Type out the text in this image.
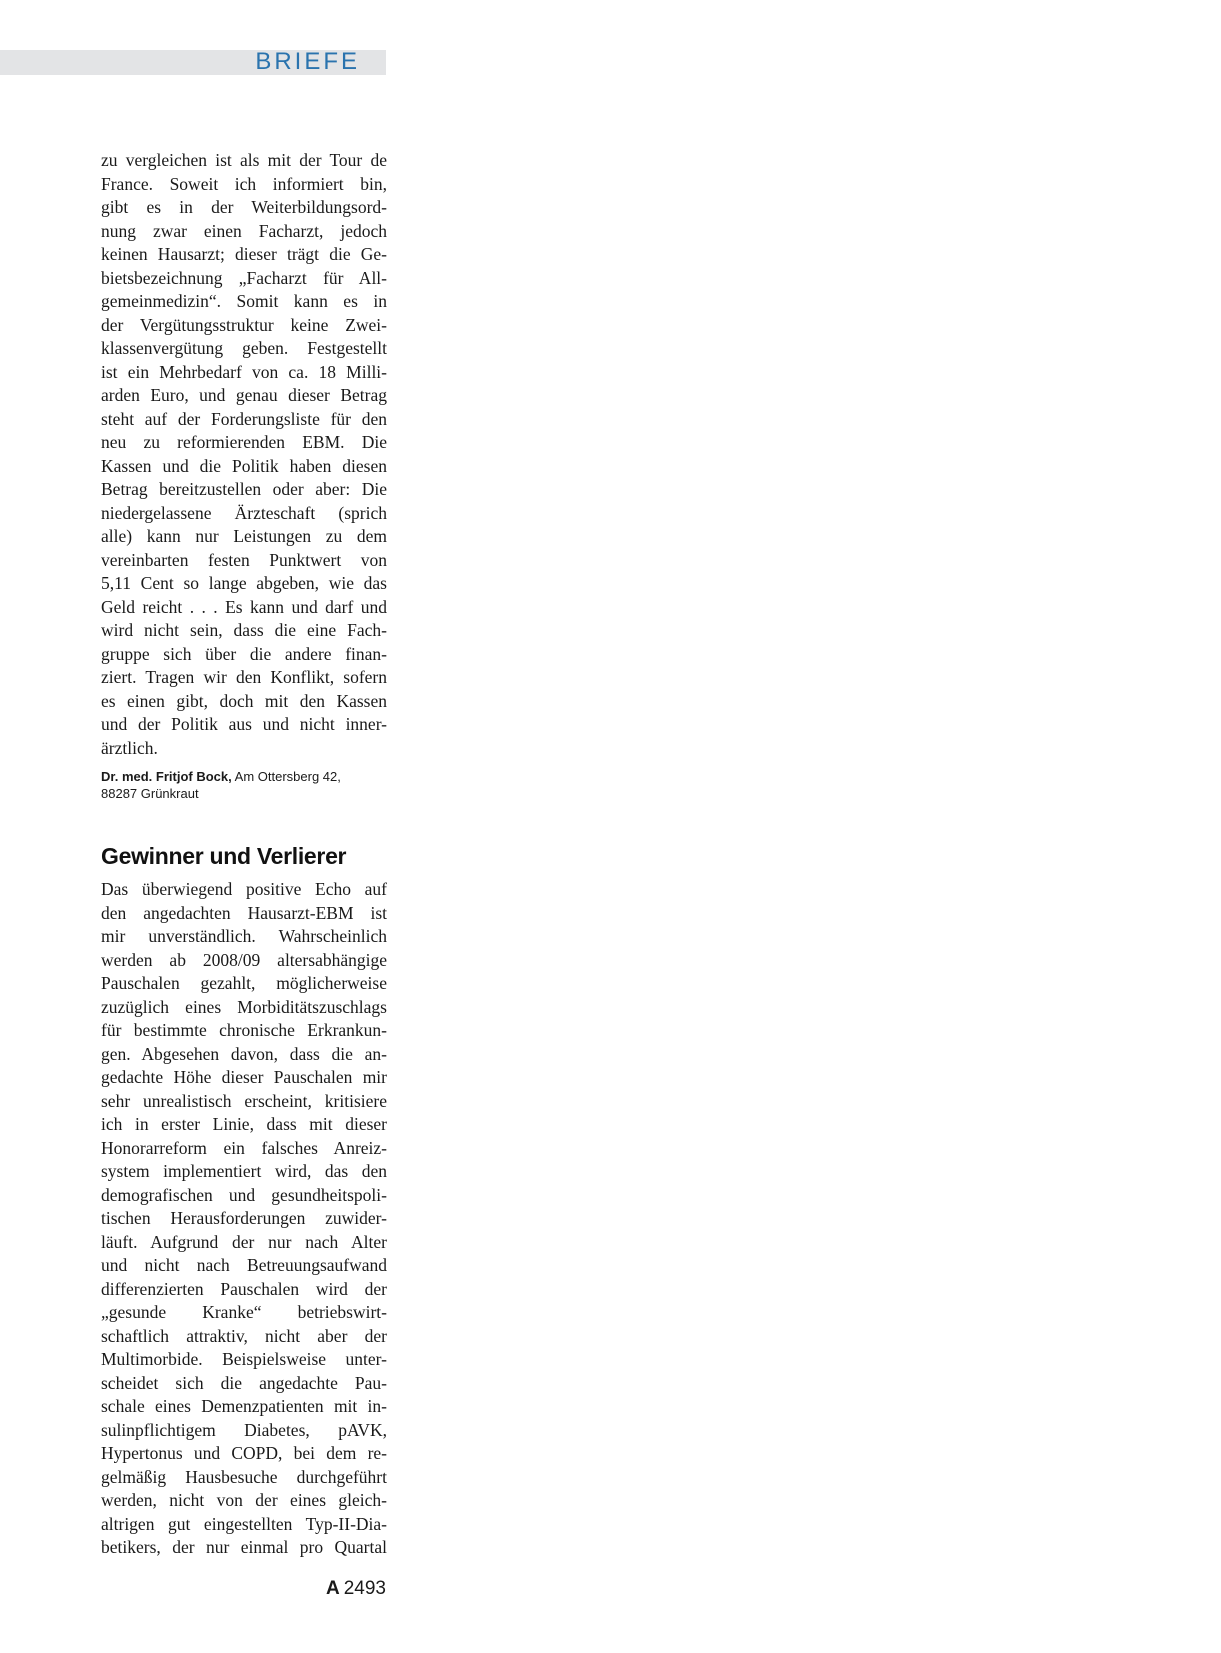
BRIEFE
zu vergleichen ist als mit der Tour de
France. Soweit ich informiert bin,
gibt es in der Weiterbildungsord-
nung zwar einen Facharzt, jedoch
keinen Hausarzt; dieser trägt die Ge-
bietsbezeichnung „Facharzt für All-
gemeinmedizin“. Somit kann es in
der Vergütungsstruktur keine Zwei-
klassenvergütung geben. Festgestellt
ist ein Mehrbedarf von ca. 18 Milli-
arden Euro, und genau dieser Betrag
steht auf der Forderungsliste für den
neu zu reformierenden EBM. Die
Kassen und die Politik haben diesen
Betrag bereitzustellen oder aber: Die
niedergelassene Ärzteschaft (sprich
alle) kann nur Leistungen zu dem
vereinbarten festen Punktwert von
5,11 Cent so lange abgeben, wie das
Geld reicht . . . Es kann und darf und
wird nicht sein, dass die eine Fach-
gruppe sich über die andere finan-
ziert. Tragen wir den Konflikt, sofern
es einen gibt, doch mit den Kassen
und der Politik aus und nicht inner-
ärztlich.
Dr. med. Fritjof Bock, Am Ottersberg 42,
88287 Grünkraut
Gewinner und Verlierer
Das überwiegend positive Echo auf
den angedachten Hausarzt-EBM ist
mir unverständlich. Wahrscheinlich
werden ab 2008/09 altersabhängige
Pauschalen gezahlt, möglicherweise
zuzüglich eines Morbiditätszuschlags
für bestimmte chronische Erkrankun-
gen. Abgesehen davon, dass die an-
gedachte Höhe dieser Pauschalen mir
sehr unrealistisch erscheint, kritisiere
ich in erster Linie, dass mit dieser
Honorarreform ein falsches Anreiz-
system implementiert wird, das den
demografischen und gesundheitspoli-
tischen Herausforderungen zuwider-
läuft. Aufgrund der nur nach Alter
und nicht nach Betreuungsaufwand
differenzierten Pauschalen wird der
„gesunde Kranke“ betriebswirt-
schaftlich attraktiv, nicht aber der
Multimorbide. Beispielsweise unter-
scheidet sich die angedachte Pau-
schale eines Demenzpatienten mit in-
sulinpflichtigem Diabetes, pAVK,
Hypertonus und COPD, bei dem re-
gelmäßig Hausbesuche durchgeführt
werden, nicht von der eines gleich-
altrigen gut eingestellten Typ-II-Dia-
betikers, der nur einmal pro Quartal
A 2493
